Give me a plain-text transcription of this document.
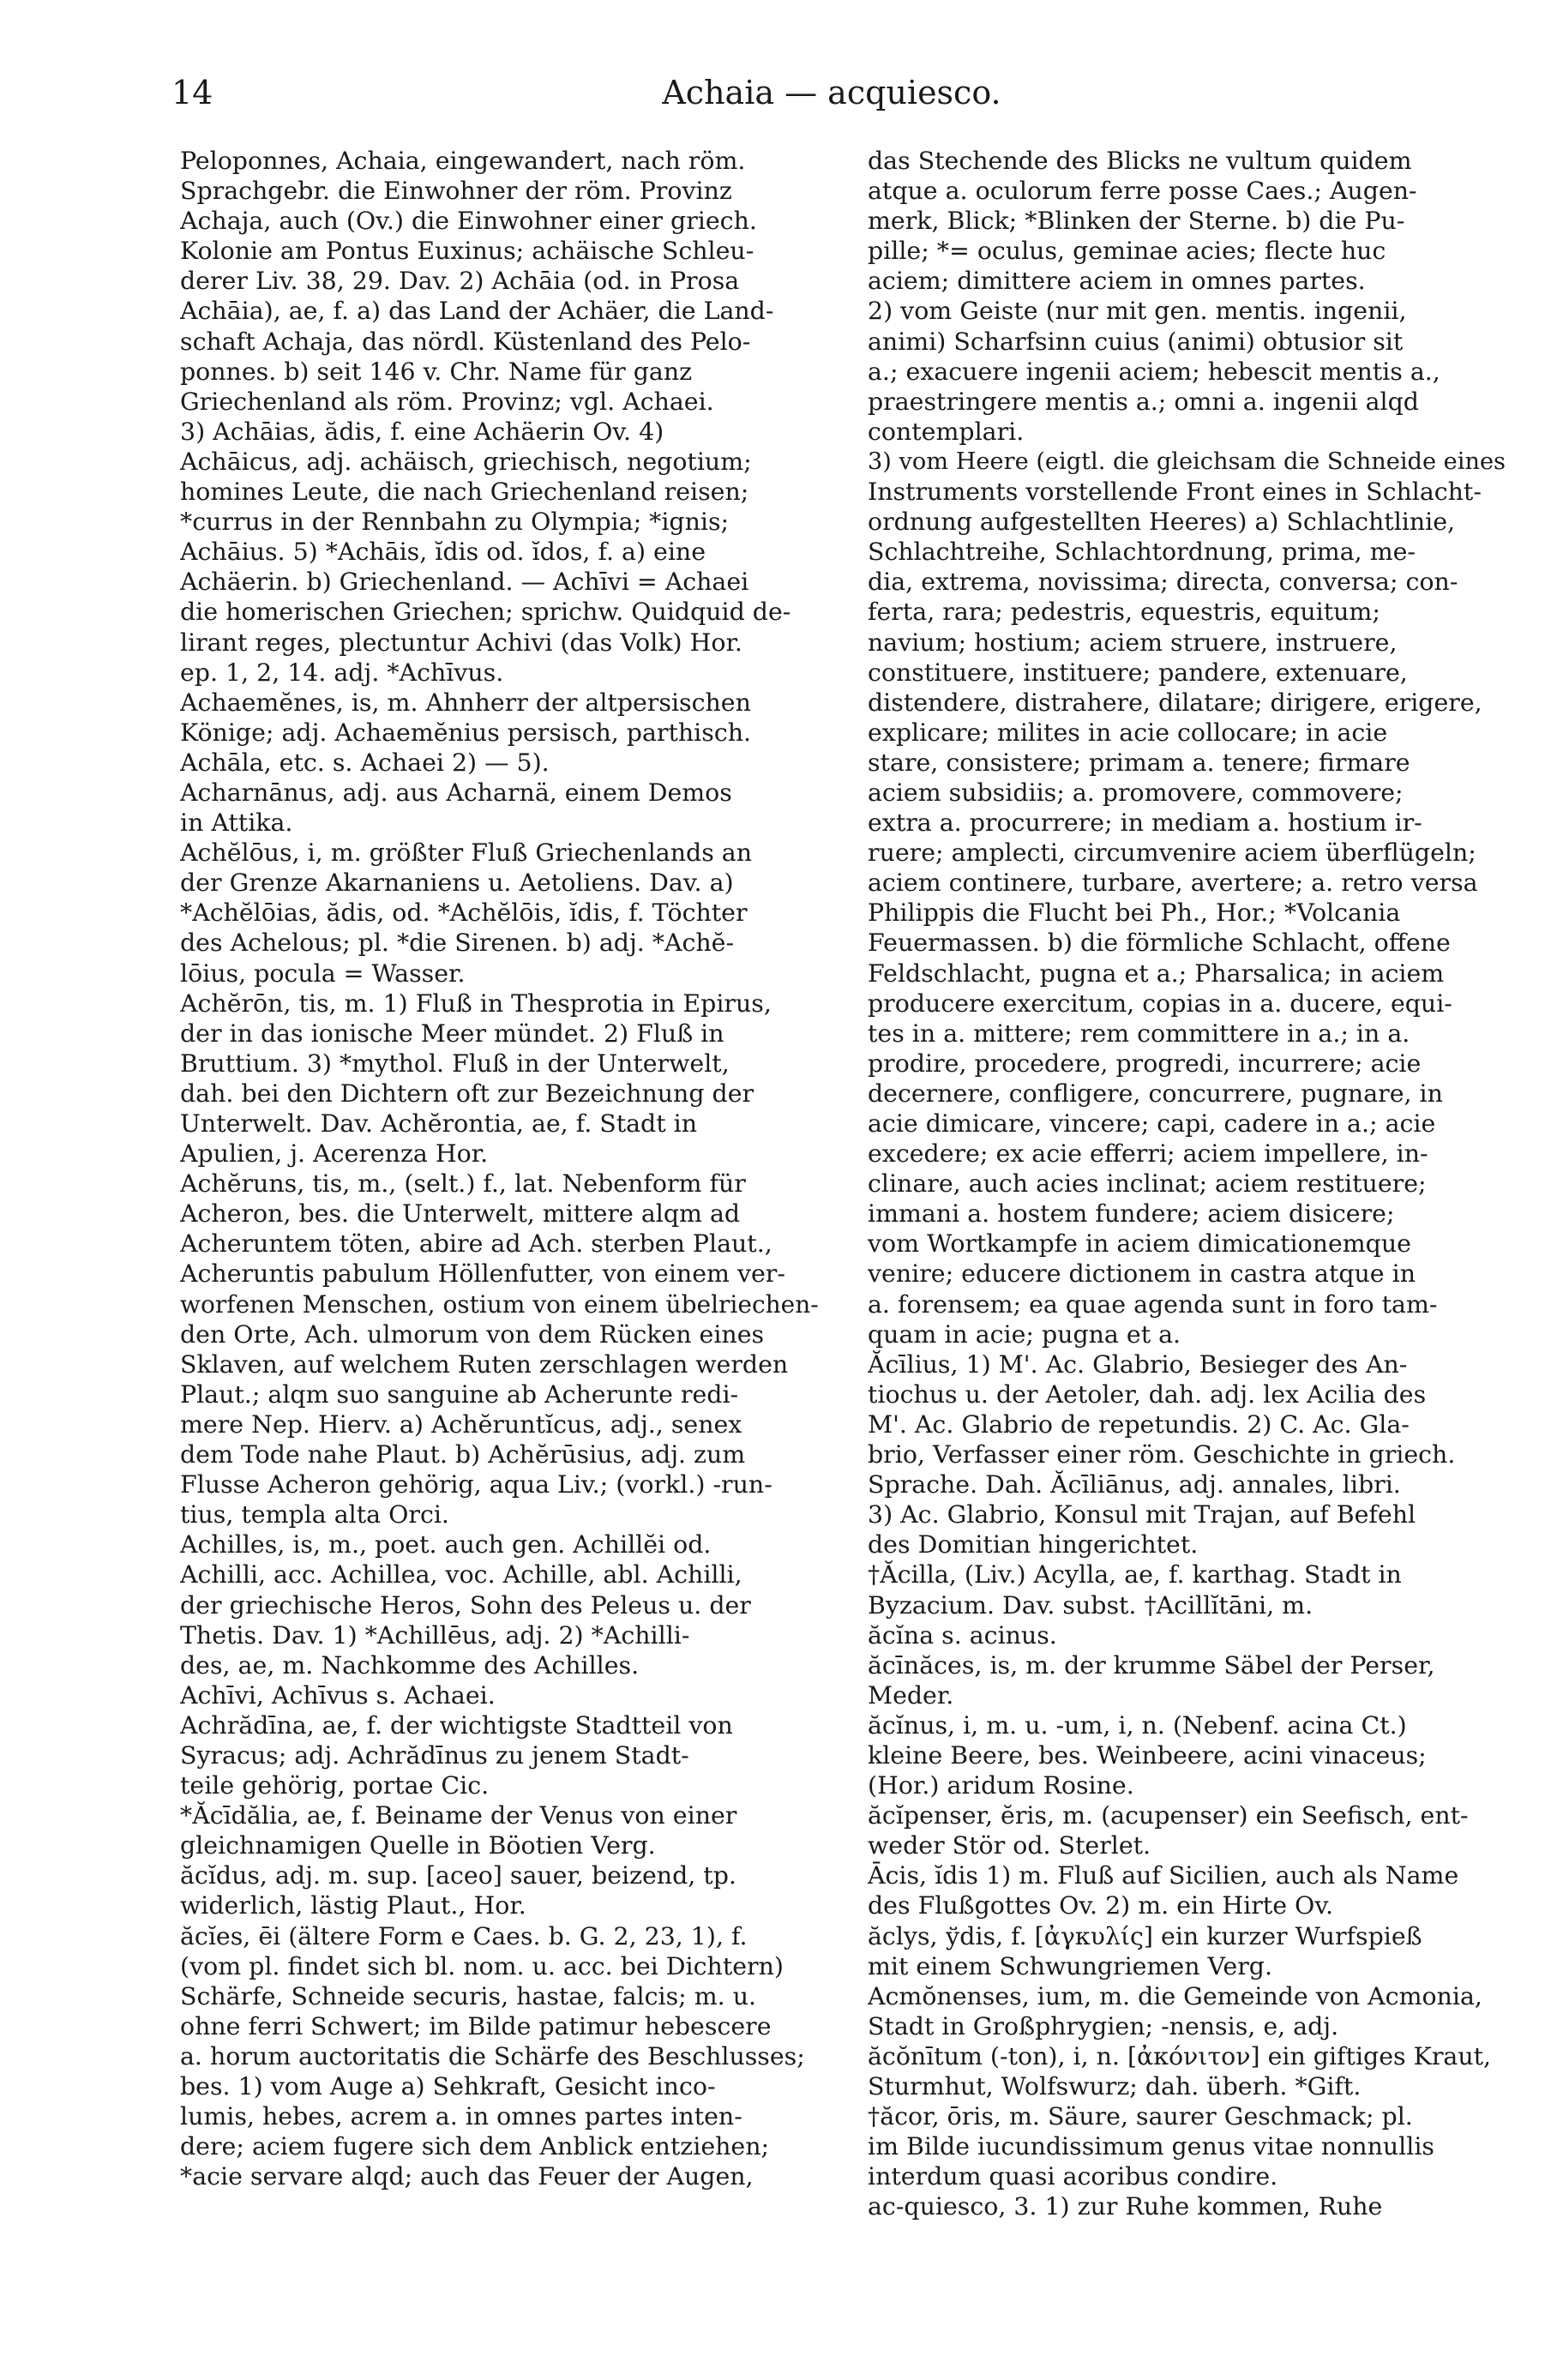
14	Achaia — acquiesco.
Peloponnes, Achaia, eingewandert, nach röm.
Sprachgebr. die Einwohner der röm. Provinz
Achaja, auch (Ov.) die Einwohner einer griech.
Kolonie am Pontus Euxinus; achäische Schleu-
derer Liv. 38, 29. Dav. 2) Achāia (od. in Prosa
Achāia), ae, f. a) das Land der Achäer, die Land-
schaft Achaja, das nördl. Küstenland des Pelo-
ponnes. b) seit 146 v. Chr. Name für ganz
Griechenland als röm. Provinz; vgl. Achaei.
3) Achāias, ădis, f. eine Achäerin Ov. 4)
Achāicus, adj. achäisch, griechisch, negotium;
homines Leute, die nach Griechenland reisen;
*currus in der Rennbahn zu Olympia; *ignis;
Achāius. 5) *Achāis, ĭdis od. ĭdos, f. a) eine
Achäerin. b) Griechenland. — Achīvi = Achaei
die homerischen Griechen; sprichw. Quidquid de-
lirant reges, plectuntur Achivi (das Volk) Hor.
ep. 1, 2, 14. adj. *Achīvus.
Achaemĕnes, is, m. Ahnherr der altpersischen
Könige; adj. Achaemĕnius persisch, parthisch.
Achāla, etc. s. Achaei 2) — 5).
Acharnānus, adj. aus Acharnä, einem Demos
in Attika.
Achĕlōus, i, m. größter Fluß Griechenlands an
der Grenze Akarnaniens u. Aetoliens. Dav. a)
*Achĕlōias, ădis, od. *Achĕlōis, ĭdis, f. Töchter
des Achelous; pl. *die Sirenen. b) adj. *Achĕ-
lōius, pocula = Wasser.
Achĕrōn, tis, m. 1) Fluß in Thesprotia in Epirus,
der in das ionische Meer mündet. 2) Fluß in
Bruttium. 3) *mythol. Fluß in der Unterwelt,
dah. bei den Dichtern oft zur Bezeichnung der
Unterwelt. Dav. Achĕrontia, ae, f. Stadt in
Apulien, j. Acerenza Hor.
Achĕruns, tis, m., (selt.) f., lat. Nebenform für
Acheron, bes. die Unterwelt, mittere alqm ad
Acheruntem töten, abire ad Ach. sterben Plaut.,
Acheruntis pabulum Höllenfutter, von einem ver-
worfenen Menschen, ostium von einem übelriechen-
den Orte, Ach. ulmorum von dem Rücken eines
Sklaven, auf welchem Ruten zerschlagen werden
Plaut.; alqm suo sanguine ab Acherunte redi-
mere Nep. Hierv. a) Achĕruntĭcus, adj., senex
dem Tode nahe Plaut. b) Achĕrūsius, adj. zum
Flusse Acheron gehörig, aqua Liv.; (vorkl.) -run-
tius, templa alta Orci.
Achilles, is, m., poet. auch gen. Achillĕi od.
Achilli, acc. Achillea, voc. Achille, abl. Achilli,
der griechische Heros, Sohn des Peleus u. der
Thetis. Dav. 1) *Achillēus, adj. 2) *Achilli-
des, ae, m. Nachkomme des Achilles.
Achīvi, Achīvus s. Achaei.
Achrădīna, ae, f. der wichtigste Stadtteil von
Syracus; adj. Achrădīnus zu jenem Stadt-
teile gehörig, portae Cic.
*Ăcīdălia, ae, f. Beiname der Venus von einer
gleichnamigen Quelle in Böotien Verg.
ăcĭdus, adj. m. sup. [aceo] sauer, beizend, tp.
widerlich, lästig Plaut., Hor.
ăcĭes, ēi (ältere Form e Caes. b. G. 2, 23, 1), f.
(vom pl. findet sich bl. nom. u. acc. bei Dichtern)
Schärfe, Schneide securis, hastae, falcis; m. u.
ohne ferri Schwert; im Bilde patimur hebescere
a. horum auctoritatis die Schärfe des Beschlusses;
bes. 1) vom Auge a) Sehkraft, Gesicht inco-
lumis, hebes, acrem a. in omnes partes inten-
dere; aciem fugere sich dem Anblick entziehen;
*acie servare alqd; auch das Feuer der Augen,
das Stechende des Blicks ne vultum quidem
atque a. oculorum ferre posse Caes.; Augen-
merk, Blick; *Blinken der Sterne. b) die Pu-
pille; *= oculus, geminae acies; flecte huc
aciem; dimittere aciem in omnes partes.
2) vom Geiste (nur mit gen. mentis. ingenii,
animi) Scharfsinn cuius (animi) obtusior sit
a.; exacuere ingenii aciem; hebescit mentis a.,
praestringere mentis a.; omni a. ingenii alqd
contemplari.
3) vom Heere (eigtl. die gleichsam die Schneide eines
Instruments vorstellende Front eines in Schlacht-
ordnung aufgestellten Heeres) a) Schlachtlinie,
Schlachtreihe, Schlachtordnung, prima, me-
dia, extrema, novissima; directa, conversa; con-
ferta, rara; pedestris, equestris, equitum;
navium; hostium; aciem struere, instruere,
constituere, instituere; pandere, extenuare,
distendere, distrahere, dilatare; dirigere, erigere,
explicare; milites in acie collocare; in acie
stare, consistere; primam a. tenere; firmare
aciem subsidiis; a. promovere, commovere;
extra a. procurrere; in mediam a. hostium ir-
ruere; amplecti, circumvenire aciem überflügeln;
aciem continere, turbare, avertere; a. retro versa
Philippis die Flucht bei Ph., Hor.; *Volcania
Feuermassen. b) die förmliche Schlacht, offene
Feldschlacht, pugna et a.; Pharsalica; in aciem
producere exercitum, copias in a. ducere, equi-
tes in a. mittere; rem committere in a.; in a.
prodire, procedere, progredi, incurrere; acie
decernere, confligere, concurrere, pugnare, in
acie dimicare, vincere; capi, cadere in a.; acie
excedere; ex acie efferri; aciem impellere, in-
clinare, auch acies inclinat; aciem restituere;
immani a. hostem fundere; aciem disicere;
vom Wortkampfe in aciem dimicationemque
venire; educere dictionem in castra atque in
a. forensem; ea quae agenda sunt in foro tam-
quam in acie; pugna et a.
Ăcīlius, 1) M'. Ac. Glabrio, Besieger des An-
tiochus u. der Aetoler, dah. adj. lex Acilia des
M'. Ac. Glabrio de repetundis. 2) C. Ac. Gla-
brio, Verfasser einer röm. Geschichte in griech.
Sprache. Dah. Ăcīliānus, adj. annales, libri.
3) Ac. Glabrio, Konsul mit Trajan, auf Befehl
des Domitian hingerichtet.
†Ăcilla, (Liv.) Acylla, ae, f. karthag. Stadt in
Byzacium. Dav. subst. †Acillĭtāni, m.
ăcĭna s. acinus.
ăcīnăces, is, m. der krumme Säbel der Perser,
Meder.
ăcĭnus, i, m. u. -um, i, n. (Nebenf. acina Ct.)
kleine Beere, bes. Weinbeere, acini vinaceus;
(Hor.) aridum Rosine.
ăcĭpenser, ĕris, m. (acupenser) ein Seefisch, ent-
weder Stör od. Sterlet.
Ācis, ĭdis 1) m. Fluß auf Sicilien, auch als Name
des Flußgottes Ov. 2) m. ein Hirte Ov.
ăclys, ўdis, f. [ἀγκυλίς] ein kurzer Wurfspieß
mit einem Schwungriemen Verg.
Acmŏnenses, ium, m. die Gemeinde von Acmonia,
Stadt in Großphrygien; -nensis, e, adj.
ăcŏnītum (-ton), i, n. [ἀκόνιτον] ein giftiges Kraut,
Sturmhut, Wolfswurz; dah. überh. *Gift.
†ăcor, ōris, m. Säure, saurer Geschmack; pl.
im Bilde iucundissimum genus vitae nonnullis
interdum quasi acoribus condire.
ac-quiesco, 3. 1) zur Ruhe kommen, Ruhe
